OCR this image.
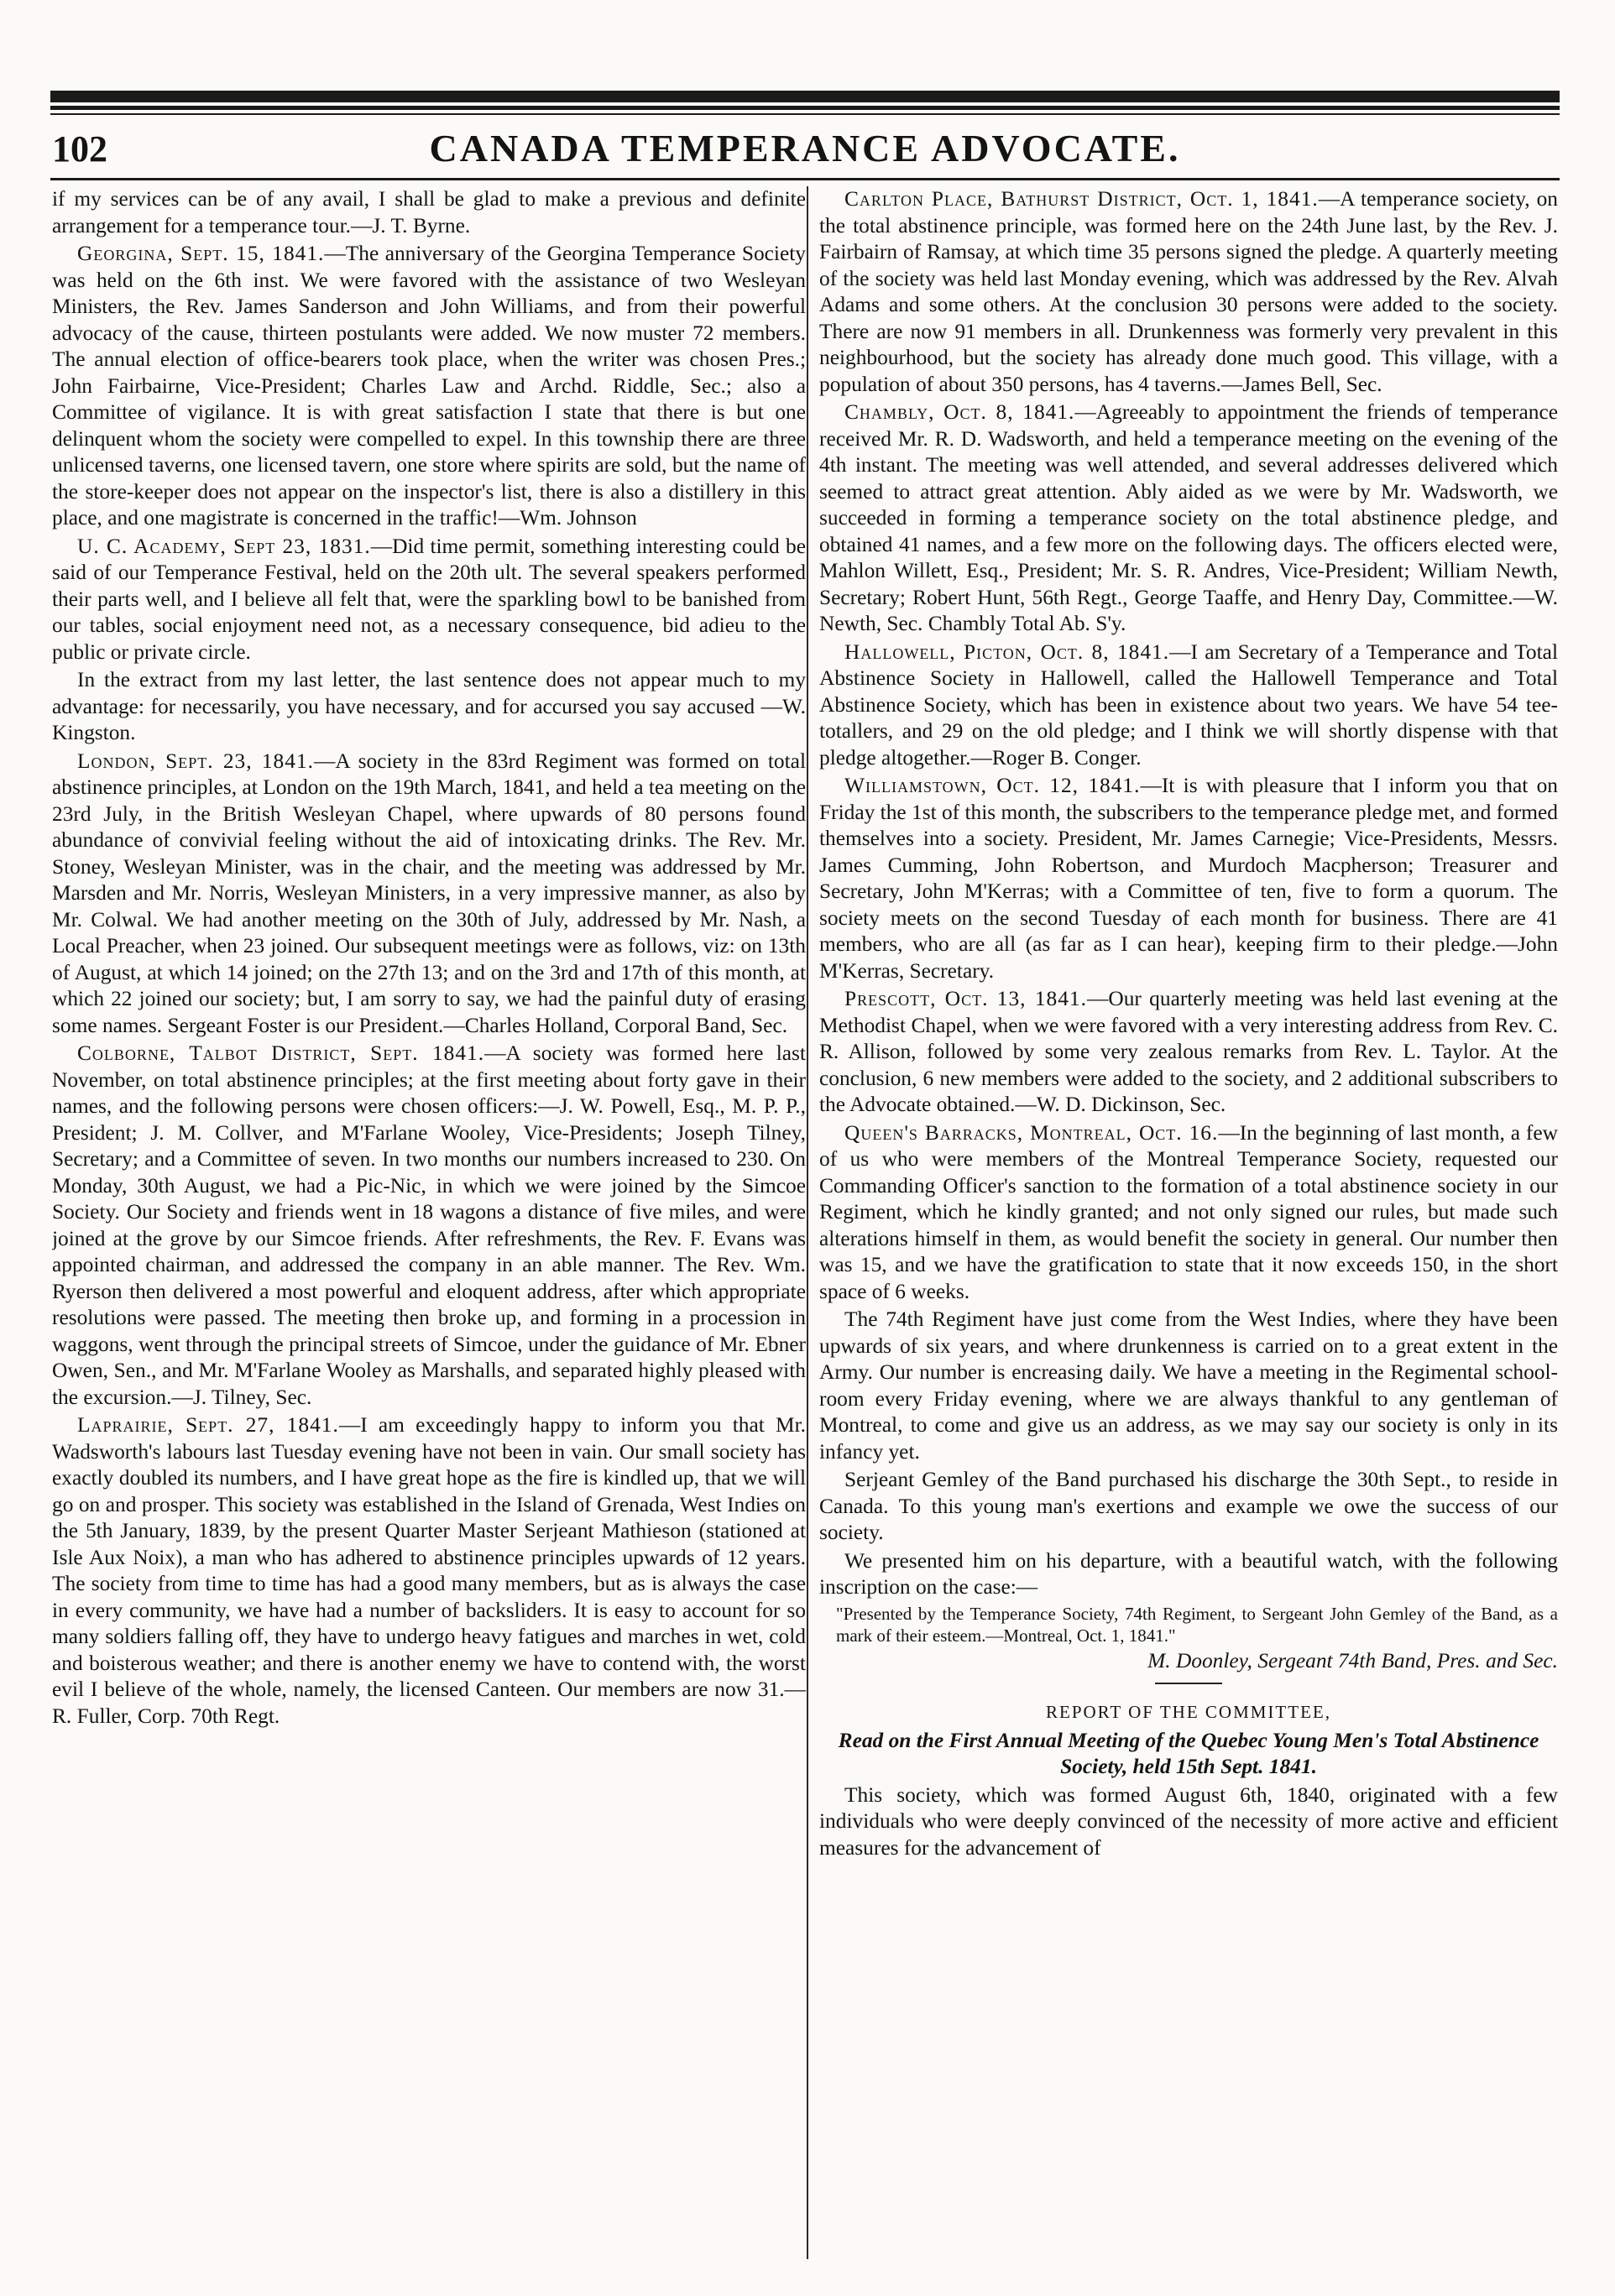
102	CANADA TEMPERANCE ADVOCATE.

if my services can be of any avail, I shall be glad to make a previous and definite arrangement for a temperance tour.—J. T. Byrne.

Georgina, Sept. 15, 1841.—The anniversary of the Georgina Temperance Society was held on the 6th inst. We were favored with the assistance of two Wesleyan Ministers, the Rev. James Sanderson and John Williams, and from their powerful advocacy of the cause, thirteen postulants were added. We now muster 72 members. The annual election of office-bearers took place, when the writer was chosen Pres.; John Fairbairne, Vice-President; Charles Law and Archd. Riddle, Sec.; also a Committee of vigilance. It is with great satisfaction I state that there is but one delinquent whom the society were compelled to expel. In this township there are three unlicensed taverns, one licensed tavern, one store where spirits are sold, but the name of the store-keeper does not appear on the inspector's list, there is also a distillery in this place, and one magistrate is concerned in the traffic!—Wm. Johnson

U. C. Academy, Sept 23, 1831.—Did time permit, something interesting could be said of our Temperance Festival, held on the 20th ult. The several speakers performed their parts well, and I believe all felt that, were the sparkling bowl to be banished from our tables, social enjoyment need not, as a necessary consequence, bid adieu to the public or private circle.

In the extract from my last letter, the last sentence does not appear much to my advantage: for necessarily, you have necessary, and for accursed you say accused —W. Kingston.

London, Sept. 23, 1841.—A society in the 83rd Regiment was formed on total abstinence principles, at London on the 19th March, 1841, and held a tea meeting on the 23rd July, in the British Wesleyan Chapel, where upwards of 80 persons found abundance of convivial feeling without the aid of intoxicating drinks. The Rev. Mr. Stoney, Wesleyan Minister, was in the chair, and the meeting was addressed by Mr. Marsden and Mr. Norris, Wesleyan Ministers, in a very impressive manner, as also by Mr. Colwal. We had another meeting on the 30th of July, addressed by Mr. Nash, a Local Preacher, when 23 joined. Our subsequent meetings were as follows, viz: on 13th of August, at which 14 joined; on the 27th 13; and on the 3rd and 17th of this month, at which 22 joined our society; but, I am sorry to say, we had the painful duty of erasing some names. Sergeant Foster is our President.—Charles Holland, Corporal Band, Sec.

Colborne, Talbot District, Sept. 1841.—A society was formed here last November, on total abstinence principles; at the first meeting about forty gave in their names, and the following persons were chosen officers:—J. W. Powell, Esq., M. P. P., President; J. M. Collver, and M'Farlane Wooley, Vice-Presidents; Joseph Tilney, Secretary; and a Committee of seven. In two months our numbers increased to 230. On Monday, 30th August, we had a Pic-Nic, in which we were joined by the Simcoe Society. Our Society and friends went in 18 wagons a distance of five miles, and were joined at the grove by our Simcoe friends. After refreshments, the Rev. F. Evans was appointed chairman, and addressed the company in an able manner. The Rev. Wm. Ryerson then delivered a most powerful and eloquent address, after which appropriate resolutions were passed. The meeting then broke up, and forming in a procession in waggons, went through the principal streets of Simcoe, under the guidance of Mr. Ebner Owen, Sen., and Mr. M'Farlane Wooley as Marshalls, and separated highly pleased with the excursion.—J. Tilney, Sec.

Laprairie, Sept. 27, 1841.—I am exceedingly happy to inform you that Mr. Wadsworth's labours last Tuesday evening have not been in vain. Our small society has exactly doubled its numbers, and I have great hope as the fire is kindled up, that we will go on and prosper. This society was established in the Island of Grenada, West Indies on the 5th January, 1839, by the present Quarter Master Serjeant Mathieson (stationed at Isle Aux Noix), a man who has adhered to abstinence principles upwards of 12 years. The society from time to time has had a good many members, but as is always the case in every community, we have had a number of backsliders. It is easy to account for so many soldiers falling off, they have to undergo heavy fatigues and marches in wet, cold and boisterous weather; and there is another enemy we have to contend with, the worst evil I believe of the whole, namely, the licensed Canteen. Our members are now 31.—R. Fuller, Corp. 70th Regt.

Carlton Place, Bathurst District, Oct. 1, 1841.—A temperance society, on the total abstinence principle, was formed here on the 24th June last, by the Rev. J. Fairbairn of Ramsay, at which time 35 persons signed the pledge. A quarterly meeting of the society was held last Monday evening, which was addressed by the Rev. Alvah Adams and some others. At the conclusion 30 persons were added to the society. There are now 91 members in all. Drunkenness was formerly very prevalent in this neighbourhood, but the society has already done much good. This village, with a population of about 350 persons, has 4 taverns.—James Bell, Sec.

Chambly, Oct. 8, 1841.—Agreeably to appointment the friends of temperance received Mr. R. D. Wadsworth, and held a temperance meeting on the evening of the 4th instant. The meeting was well attended, and several addresses delivered which seemed to attract great attention. Ably aided as we were by Mr. Wadsworth, we succeeded in forming a temperance society on the total abstinence pledge, and obtained 41 names, and a few more on the following days. The officers elected were, Mahlon Willett, Esq., President; Mr. S. R. Andres, Vice-President; William Newth, Secretary; Robert Hunt, 56th Regt., George Taaffe, and Henry Day, Committee.—W. Newth, Sec. Chambly Total Ab. S'y.

Hallowell, Picton, Oct. 8, 1841.—I am Secretary of a Temperance and Total Abstinence Society in Hallowell, called the Hallowell Temperance and Total Abstinence Society, which has been in existence about two years. We have 54 tee-totallers, and 29 on the old pledge; and I think we will shortly dispense with that pledge altogether.—Roger B. Conger.

Williamstown, Oct. 12, 1841.—It is with pleasure that I inform you that on Friday the 1st of this month, the subscribers to the temperance pledge met, and formed themselves into a society. President, Mr. James Carnegie; Vice-Presidents, Messrs. James Cumming, John Robertson, and Murdoch Macpherson; Treasurer and Secretary, John M'Kerras; with a Committee of ten, five to form a quorum. The society meets on the second Tuesday of each month for business. There are 41 members, who are all (as far as I can hear), keeping firm to their pledge.—John M'Kerras, Secretary.

Prescott, Oct. 13, 1841.—Our quarterly meeting was held last evening at the Methodist Chapel, when we were favored with a very interesting address from Rev. C. R. Allison, followed by some very zealous remarks from Rev. L. Taylor. At the conclusion, 6 new members were added to the society, and 2 additional subscribers to the Advocate obtained.—W. D. Dickinson, Sec.

Queen's Barracks, Montreal, Oct. 16.—In the beginning of last month, a few of us who were members of the Montreal Temperance Society, requested our Commanding Officer's sanction to the formation of a total abstinence society in our Regiment, which he kindly granted; and not only signed our rules, but made such alterations himself in them, as would benefit the society in general. Our number then was 15, and we have the gratification to state that it now exceeds 150, in the short space of 6 weeks.

The 74th Regiment have just come from the West Indies, where they have been upwards of six years, and where drunkenness is carried on to a great extent in the Army. Our number is encreasing daily. We have a meeting in the Regimental school-room every Friday evening, where we are always thankful to any gentleman of Montreal, to come and give us an address, as we may say our society is only in its infancy yet.

Serjeant Gemley of the Band purchased his discharge the 30th Sept., to reside in Canada. To this young man's exertions and example we owe the success of our society.

We presented him on his departure, with a beautiful watch, with the following inscription on the case:—

"Presented by the Temperance Society, 74th Regiment, to Sergeant John Gemley of the Band, as a mark of their esteem.—Montreal, Oct. 1, 1841."

M. Doonley, Sergeant 74th Band, Pres. and Sec.

REPORT OF THE COMMITTEE,

Read on the First Annual Meeting of the Quebec Young Men's Total Abstinence Society, held 15th Sept. 1841.

This society, which was formed August 6th, 1840, originated with a few individuals who were deeply convinced of the necessity of more active and efficient measures for the advancement of
